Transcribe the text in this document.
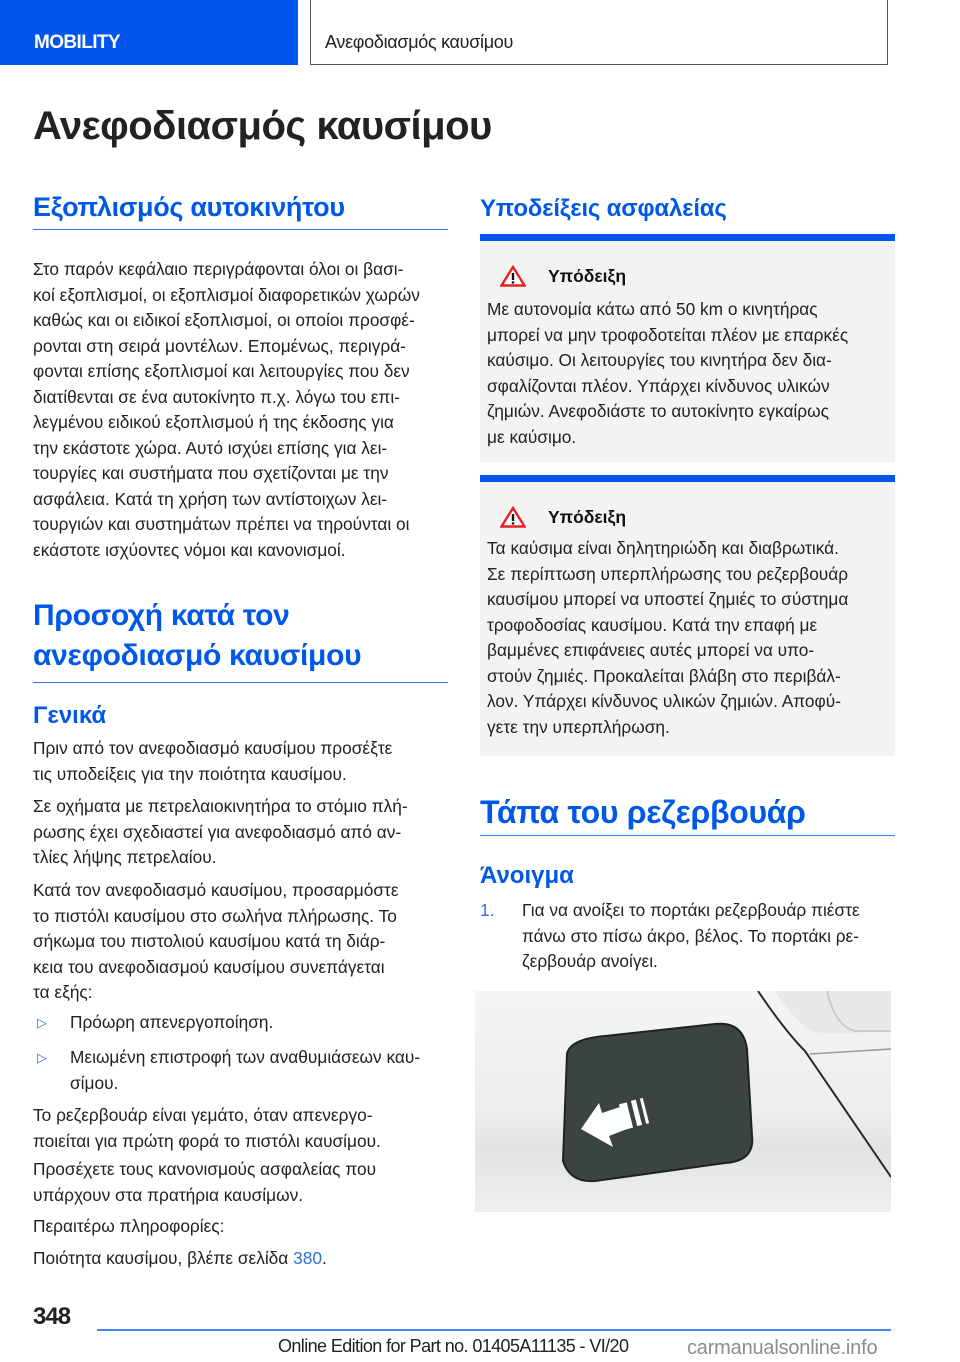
MOBILITY	Ανεφοδιασμός καυσίμου
Ανεφοδιασμός καυσίμου
Εξοπλισμός αυτοκινήτου
Στο παρόν κεφάλαιο περιγράφονται όλοι οι βασι-
κοί εξοπλισμοί, οι εξοπλισμοί διαφορετικών χωρών
καθώς και οι ειδικοί εξοπλισμοί, οι οποίοι προσφέ-
ρονται στη σειρά μοντέλων. Επομένως, περιγρά-
φονται επίσης εξοπλισμοί και λειτουργίες που δεν
διατίθενται σε ένα αυτοκίνητο π.χ. λόγω του επι-
λεγμένου ειδικού εξοπλισμού ή της έκδοσης για
την εκάστοτε χώρα. Αυτό ισχύει επίσης για λει-
τουργίες και συστήματα που σχετίζονται με την
ασφάλεια. Κατά τη χρήση των αντίστοιχων λει-
τουργιών και συστημάτων πρέπει να τηρούνται οι
εκάστοτε ισχύοντες νόμοι και κανονισμοί.
Προσοχή κατά τον
ανεφοδιασμό καυσίμου
Γενικά
Πριν από τον ανεφοδιασμό καυσίμου προσέξτε
τις υποδείξεις για την ποιότητα καυσίμου.
Σε οχήματα με πετρελαιοκινητήρα το στόμιο πλή-
ρωσης έχει σχεδιαστεί για ανεφοδιασμό από αν-
τλίες λήψης πετρελαίου.
Κατά τον ανεφοδιασμό καυσίμου, προσαρμόστε
το πιστόλι καυσίμου στο σωλήνα πλήρωσης. Το
σήκωμα του πιστολιού καυσίμου κατά τη διάρ-
κεια του ανεφοδιασμού καυσίμου συνεπάγεται
τα εξής:
▷ Πρόωρη απενεργοποίηση.
▷ Μειωμένη επιστροφή των αναθυμιάσεων καυ-
σίμου.
Το ρεζερβουάρ είναι γεμάτο, όταν απενεργο-
ποιείται για πρώτη φορά το πιστόλι καυσίμου.
Προσέχετε τους κανονισμούς ασφαλείας που
υπάρχουν στα πρατήρια καυσίμων.
Περαιτέρω πληροφορίες:
Ποιότητα καυσίμου, βλέπε σελίδα 380.
Υποδείξεις ασφαλείας
Υπόδειξη
Με αυτονομία κάτω από 50 km ο κινητήρας
μπορεί να μην τροφοδοτείται πλέον με επαρκές
καύσιμο. Οι λειτουργίες του κινητήρα δεν δια-
σφαλίζονται πλέον. Υπάρχει κίνδυνος υλικών
ζημιών. Ανεφοδιάστε το αυτοκίνητο εγκαίρως
με καύσιμο.
Υπόδειξη
Τα καύσιμα είναι δηλητηριώδη και διαβρωτικά.
Σε περίπτωση υπερπλήρωσης του ρεζερβουάρ
καυσίμου μπορεί να υποστεί ζημιές το σύστημα
τροφοδοσίας καυσίμου. Κατά την επαφή με
βαμμένες επιφάνειες αυτές μπορεί να υπο-
στούν ζημιές. Προκαλείται βλάβη στο περιβάλ-
λον. Υπάρχει κίνδυνος υλικών ζημιών. Αποφύ-
γετε την υπερπλήρωση.
Τάπα του ρεζερβουάρ
Άνοιγμα
1. Για να ανοίξει το πορτάκι ρεζερβουάρ πιέστε
πάνω στο πίσω άκρο, βέλος. Το πορτάκι ρε-
ζερβουάρ ανοίγει.
348
Online Edition for Part no. 01405A11135 - VI/20	carmanualsonline.info
